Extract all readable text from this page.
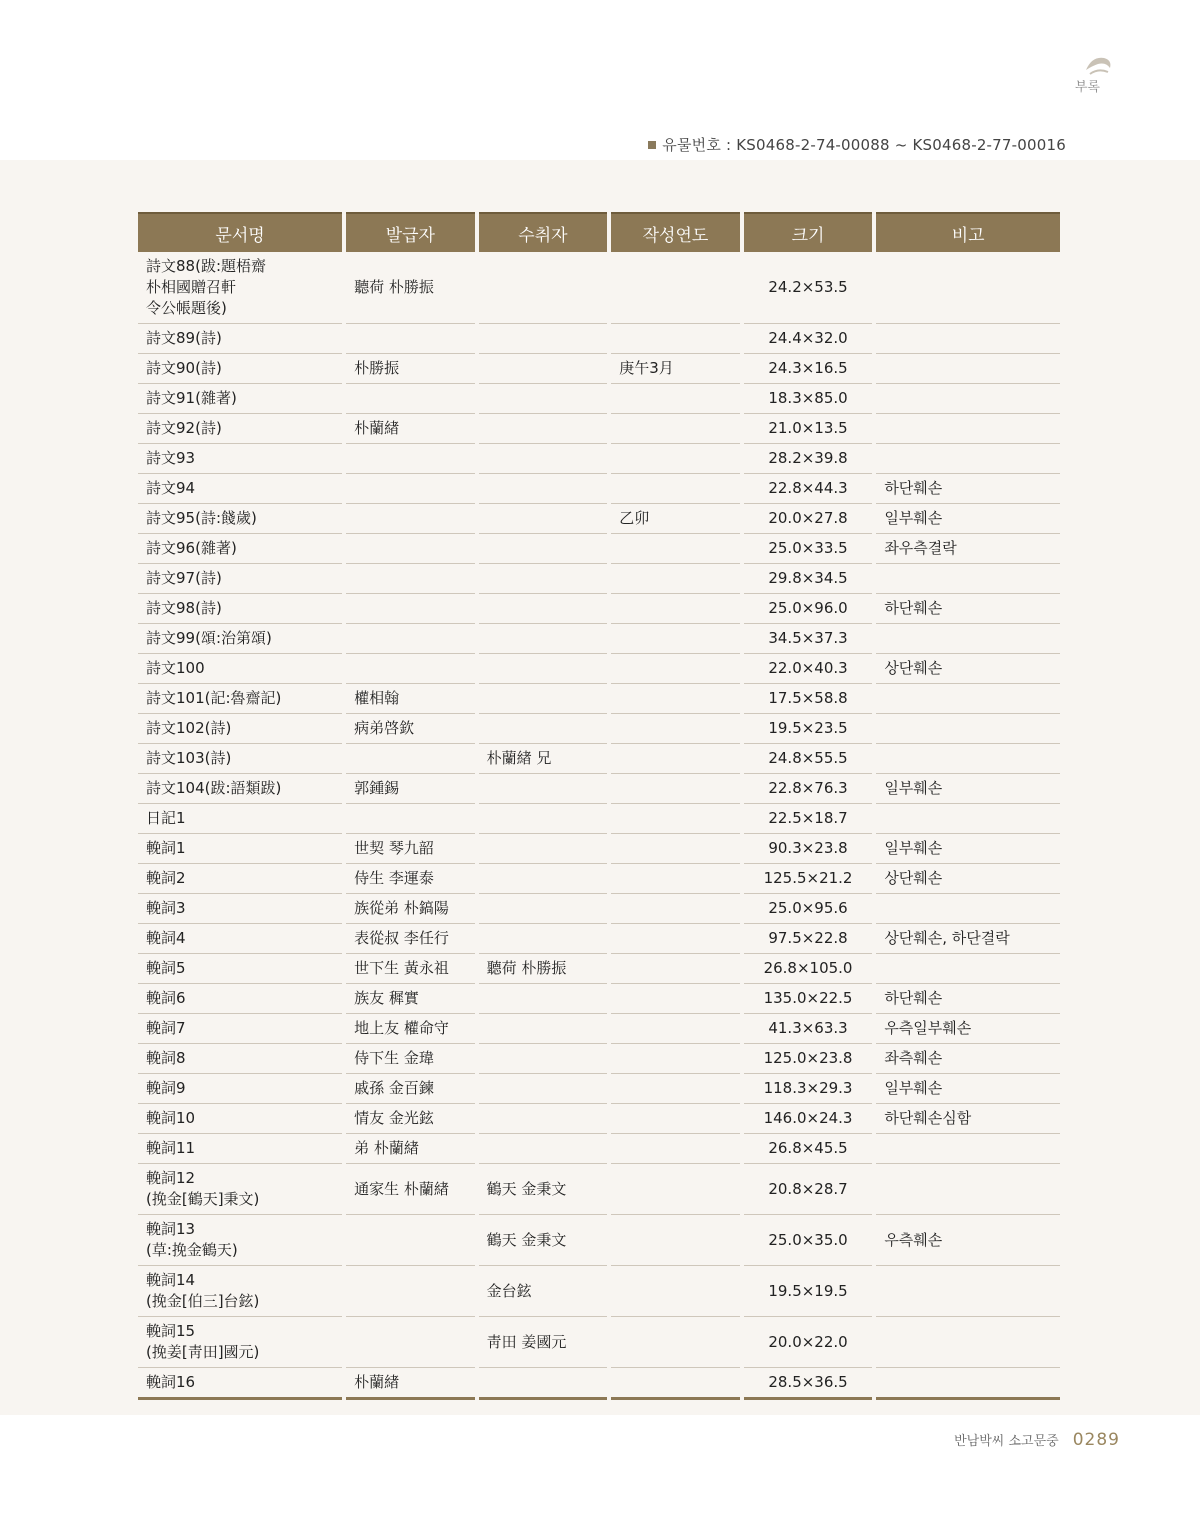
부록
유물번호 : KS0468-2-74-00088 ~ KS0468-2-77-00016
문서명	발급자	수취자	작성연도	크기	비고
詩文88(跋:題梧齋
朴相國贈召軒
令公帳題後)	聽荷 朴勝振			24.2×53.5	
詩文89(詩)				24.4×32.0	
詩文90(詩)	朴勝振		庚午3月	24.3×16.5	
詩文91(雜著)				18.3×85.0	
詩文92(詩)	朴蘭緖			21.0×13.5	
詩文93				28.2×39.8	
詩文94				22.8×44.3	하단훼손
詩文95(詩:餞歲)			乙卯	20.0×27.8	일부훼손
詩文96(雜著)				25.0×33.5	좌우측결락
詩文97(詩)				29.8×34.5	
詩文98(詩)				25.0×96.0	하단훼손
詩文99(頌:治第頌)				34.5×37.3	
詩文100				22.0×40.3	상단훼손
詩文101(記:魯齋記)	權相翰			17.5×58.8	
詩文102(詩)	病弟啓欽			19.5×23.5	
詩文103(詩)		朴蘭緖 兄		24.8×55.5	
詩文104(跋:語類跋)	郭鍾錫			22.8×76.3	일부훼손
日記1				22.5×18.7	
輓詞1	世契 琴九韶			90.3×23.8	일부훼손
輓詞2	侍生 李運泰			125.5×21.2	상단훼손
輓詞3	族從弟 朴鎬陽			25.0×95.6	
輓詞4	表從叔 李任行			97.5×22.8	상단훼손, 하단결락
輓詞5	世下生 黃永祖	聽荷 朴勝振		26.8×105.0	
輓詞6	族友 穉實			135.0×22.5	하단훼손
輓詞7	地上友 權命守			41.3×63.3	우측일부훼손
輓詞8	侍下生 金瑋			125.0×23.8	좌측훼손
輓詞9	戚孫 金百鍊			118.3×29.3	일부훼손
輓詞10	情友 金光鉉			146.0×24.3	하단훼손심함
輓詞11	弟 朴蘭緖			26.8×45.5	
輓詞12
(挽金[鶴天]秉文)	通家生 朴蘭緖	鶴天 金秉文		20.8×28.7	
輓詞13
(草:挽金鶴天)		鶴天 金秉文		25.0×35.0	우측훼손
輓詞14
(挽金[伯三]台鉉)		金台鉉		19.5×19.5	
輓詞15
(挽姜[靑田]國元)		靑田 姜國元		20.0×22.0	
輓詞16	朴蘭緖			28.5×36.5	
반남박씨 소고문중 0289
